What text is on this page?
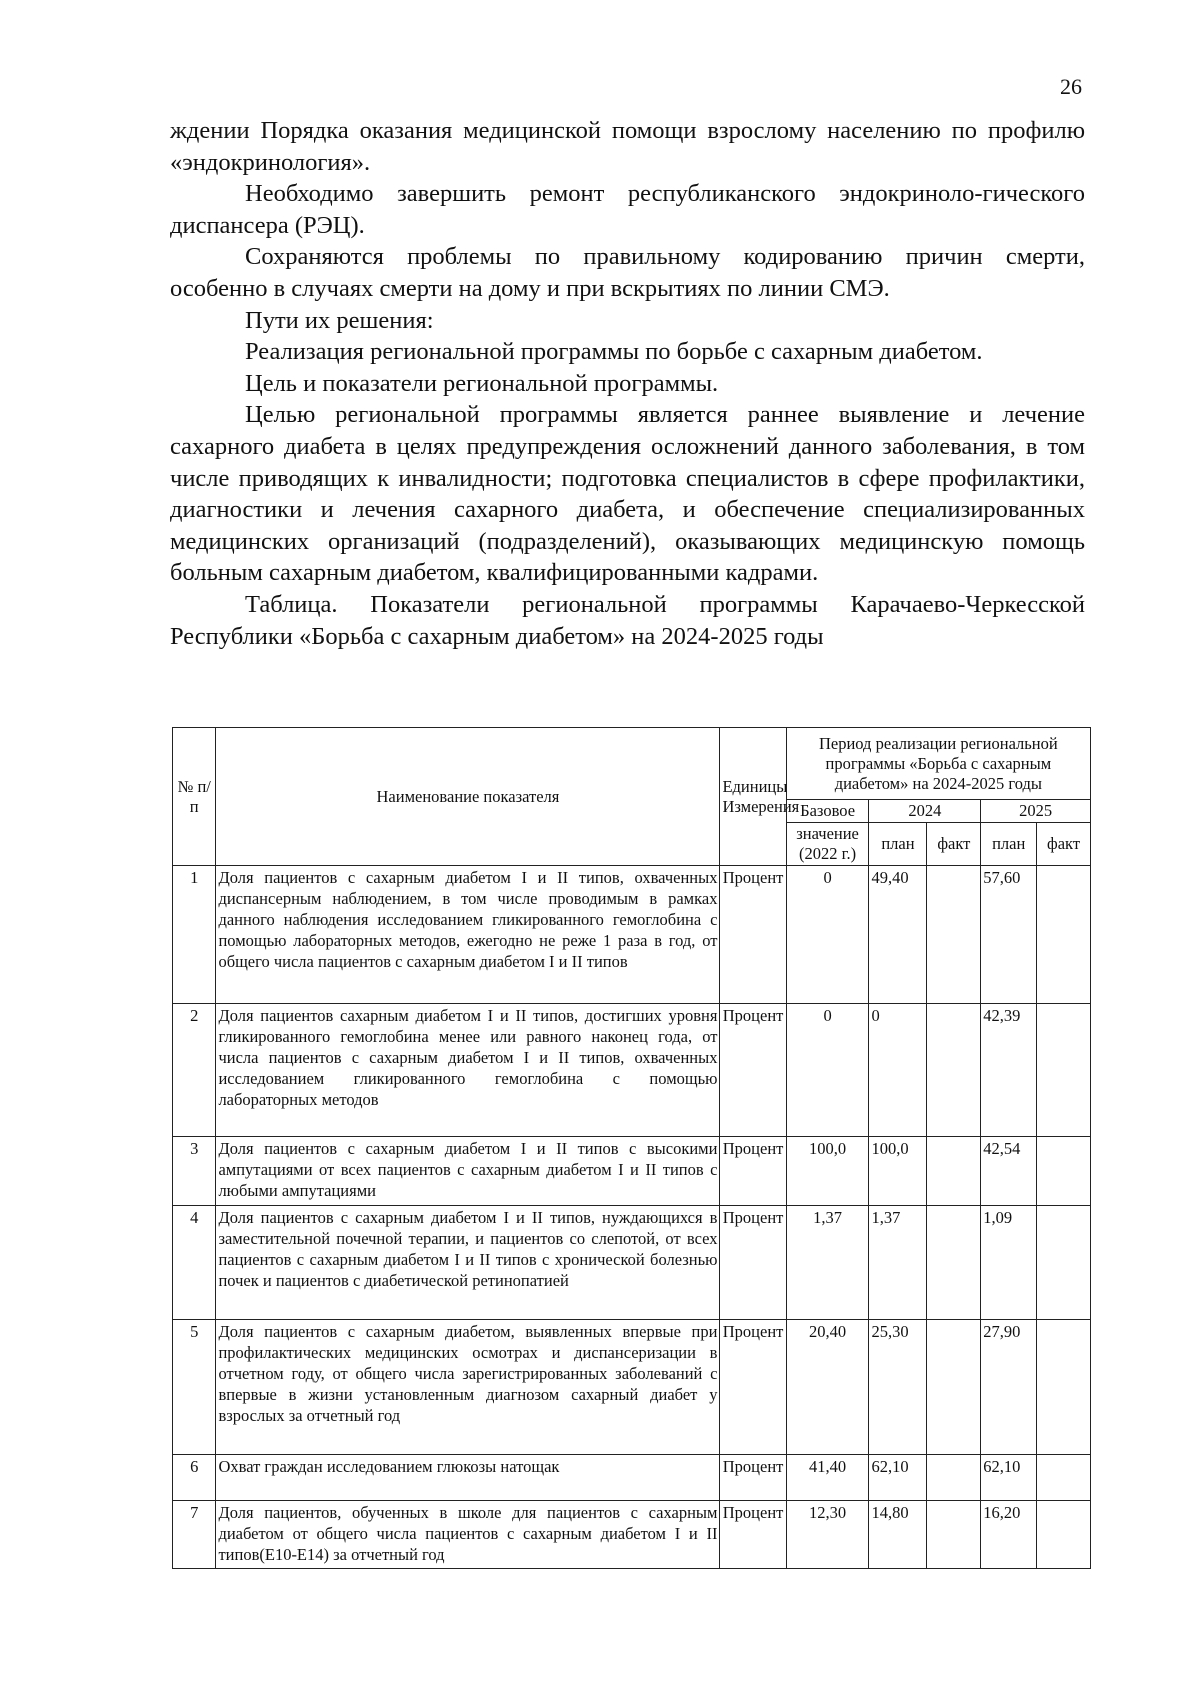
26

ждении Порядка оказания медицинской помощи взрослому населению по профилю «эндокринология».

Необходимо завершить ремонт республиканского эндокриноло-гического диспансера (РЭЦ).

Сохраняются проблемы по правильному кодированию причин смерти, особенно в случаях смерти на дому и при вскрытиях по линии СМЭ.

Пути их решения:

Реализация региональной программы по борьбе с сахарным диабетом.

Цель и показатели региональной программы.

Целью региональной программы является раннее выявление и лечение сахарного диабета в целях предупреждения осложнений данного заболевания, в том числе приводящих к инвалидности; подготовка специалистов в сфере профилактики, диагностики и лечения сахарного диабета, и обеспечение специализированных медицинских организаций (подразделений), оказывающих медицинскую помощь больным сахарным диабетом, квалифицированными кадрами.

Таблица. Показатели региональной программы Карачаево-Черкесской Республики «Борьба с сахарным диабетом» на 2024-2025 годы

№ п/п	Наименование показателя	Единицы Измерения	Период реализации региональной программы «Борьба с сахарным диабетом» на 2024-2025 годы				
			Базовое	2024		2025	
			значение (2022 г.)	план	факт	план	факт
1	Доля пациентов с сахарным диабетом I и II типов, охваченных диспансерным наблюдением, в том числе проводимым в рамках данного наблюдения исследованием гликированного гемоглобина с помощью лабораторных методов, ежегодно не реже 1 раза в год, от общего числа пациентов с сахарным диабетом I и II типов	Процент	0	49,40		57,60	
2	Доля пациентов сахарным диабетом I и II типов, достигших уровня гликированного гемоглобина менее или равного наконец года, от числа пациентов с сахарным диабетом I и II типов, охваченных исследованием гликированного гемоглобина с помощью лабораторных методов	Процент	0	0		42,39	
3	Доля пациентов с сахарным диабетом I и II типов с высокими ампутациями от всех пациентов с сахарным диабетом I и II типов с любыми ампутациями	Процент	100,0	100,0		42,54	
4	Доля пациентов с сахарным диабетом I и II типов, нуждающихся в заместительной почечной терапии, и пациентов со слепотой, от всех пациентов с сахарным диабетом I и II типов с хронической болезнью почек и пациентов с диабетической ретинопатией	Процент	1,37	1,37		1,09	
5	Доля пациентов с сахарным диабетом, выявленных впервые при профилактических медицинских осмотрах и диспансеризации в отчетном году, от общего числа зарегистрированных заболеваний с впервые в жизни установленным диагнозом сахарный диабет у взрослых за отчетный год	Процент	20,40	25,30		27,90	
6	Охват граждан исследованием глюкозы натощак	Процент	41,40	62,10		62,10	
7	Доля пациентов, обученных в школе для пациентов с сахарным диабетом от общего числа пациентов с сахарным диабетом I и II типов(Е10-Е14) за отчетный год	Процент	12,30	14,80		16,20	
